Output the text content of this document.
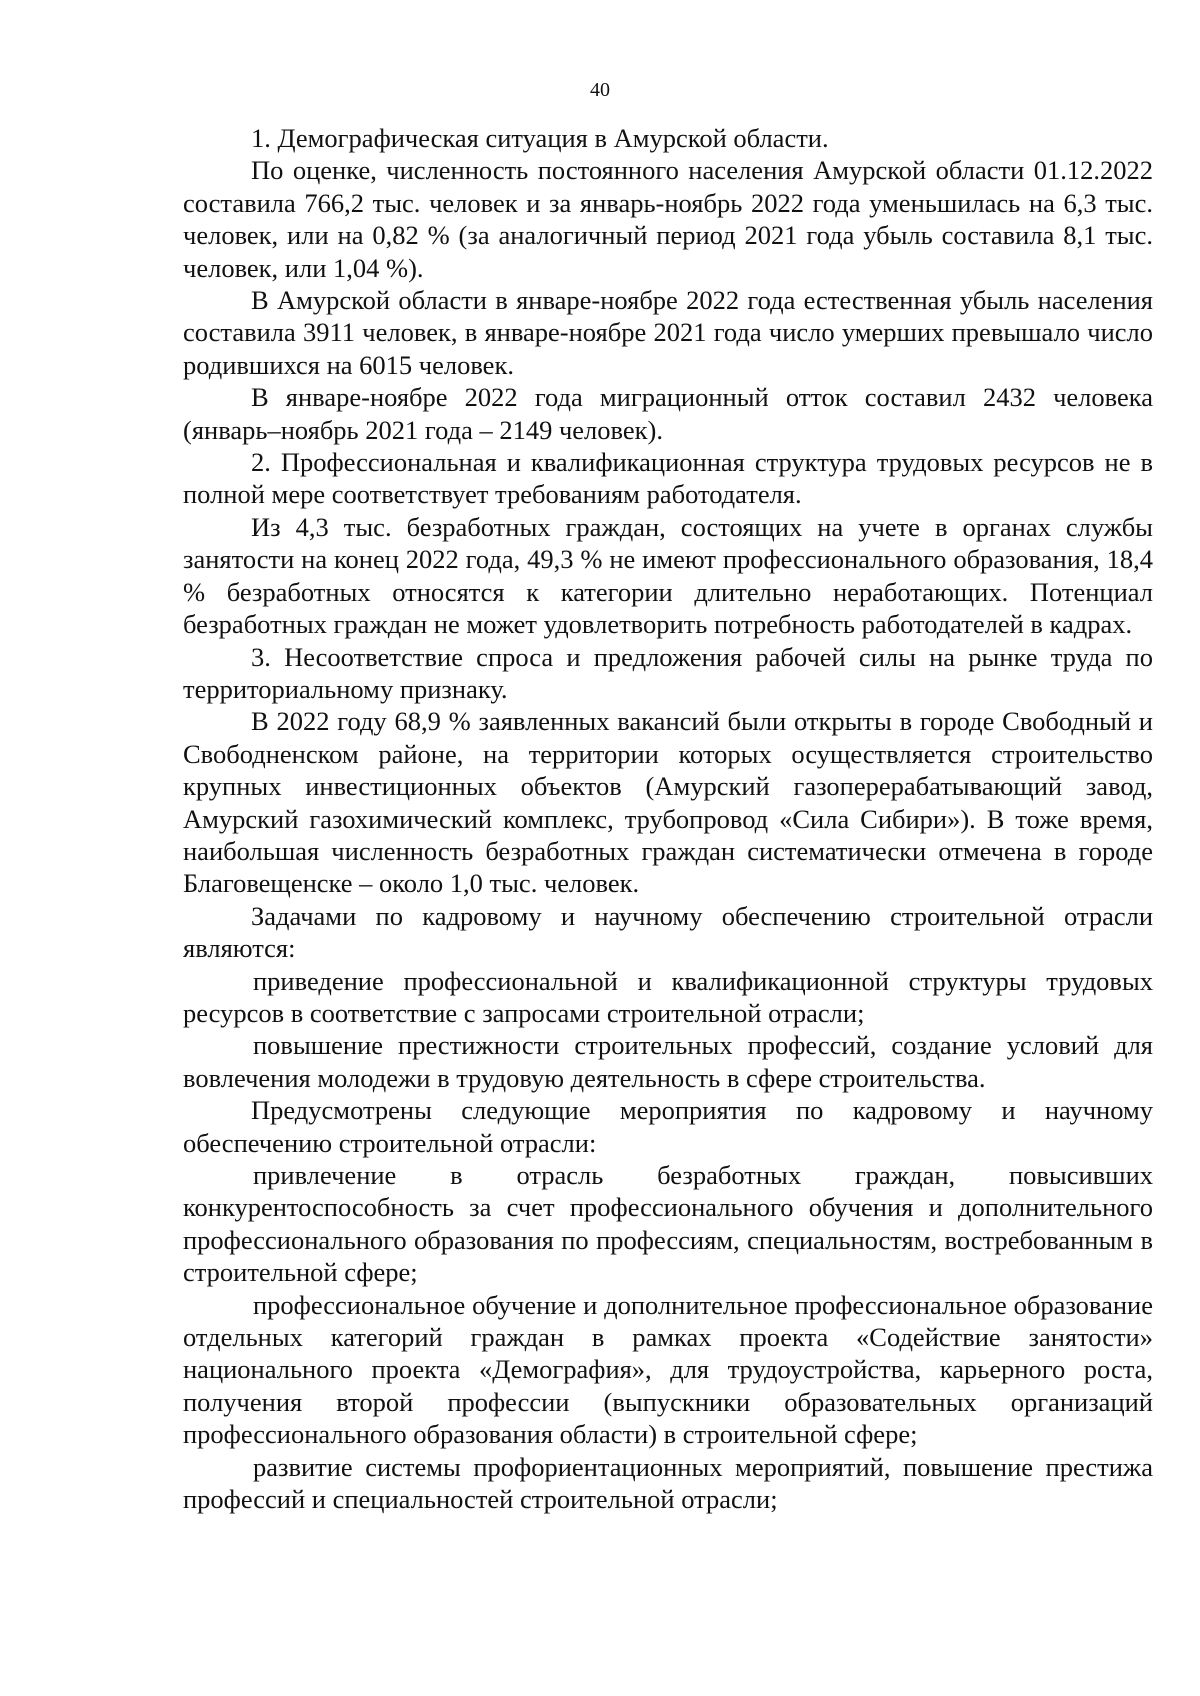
40

1. Демографическая ситуация в Амурской области.

По оценке, численность постоянного населения Амурской области 01.12.2022 составила 766,2 тыс. человек и за январь-ноябрь 2022 года уменьшилась на 6,3 тыс. человек, или на 0,82 % (за аналогичный период 2021 года убыль составила 8,1 тыс. человек, или 1,04 %).

В Амурской области в январе-ноябре 2022 года естественная убыль населения составила 3911 человек, в январе-ноябре 2021 года число умерших превышало число родившихся на 6015 человек.

В январе-ноябре 2022 года миграционный отток составил 2432 человека (январь–ноябрь 2021 года – 2149 человек).

2. Профессиональная и квалификационная структура трудовых ресурсов не в полной мере соответствует требованиям работодателя.

Из 4,3 тыс. безработных граждан, состоящих на учете в органах службы занятости на конец 2022 года, 49,3 % не имеют профессионального образования, 18,4 % безработных относятся к категории длительно неработающих. Потенциал безработных граждан не может удовлетворить потребность работодателей в кадрах.

3. Несоответствие спроса и предложения рабочей силы на рынке труда по территориальному признаку.

В 2022 году 68,9 % заявленных вакансий были открыты в городе Свободный и Свободненском районе, на территории которых осуществляется строительство крупных инвестиционных объектов (Амурский газоперерабатывающий завод, Амурский газохимический комплекс, трубопровод «Сила Сибири»). В тоже время, наибольшая численность безработных граждан систематически отмечена в городе Благовещенске – около 1,0 тыс. человек.

Задачами по кадровому и научному обеспечению строительной отрасли являются:

приведение профессиональной и квалификационной структуры трудовых ресурсов в соответствие с запросами строительной отрасли;

повышение престижности строительных профессий, создание условий для вовлечения молодежи в трудовую деятельность в сфере строительства.

Предусмотрены следующие мероприятия по кадровому и научному обеспечению строительной отрасли:

привлечение в отрасль безработных граждан, повысивших конкурентоспособность за счет профессионального обучения и дополнительного профессионального образования по профессиям, специальностям, востребованным в строительной сфере;

профессиональное обучение и дополнительное профессиональное образование отдельных категорий граждан в рамках проекта «Содействие занятости» национального проекта «Демография», для трудоустройства, карьерного роста, получения второй профессии (выпускники образовательных организаций профессионального образования области) в строительной сфере;

развитие системы профориентационных мероприятий, повышение престижа профессий и специальностей строительной отрасли;
